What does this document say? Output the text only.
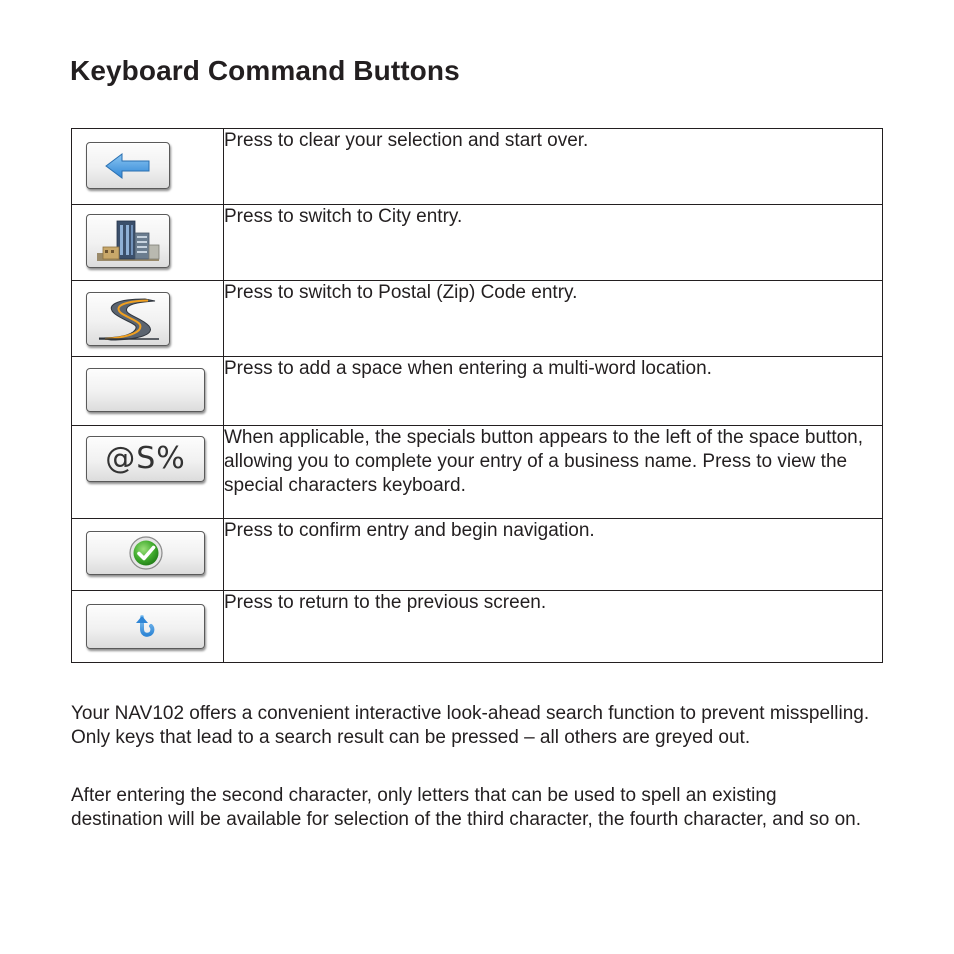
Keyboard Command Buttons
	Press to clear your selection and start over.

	Press to switch to City entry.

	Press to switch to Postal (Zip) Code entry.

	Press to add a space when entering a multi-word location.

@S%	When applicable, the specials button appears to the left of the space button, allowing you to complete your entry of a business name. Press to view the special characters keyboard.

	Press to confirm entry and begin navigation.

	Press to return to the previous screen.

Your NAV102 offers a convenient interactive look-ahead search function to prevent misspelling. Only keys that lead to a search result can be pressed – all others are greyed out.

After entering the second character, only letters that can be used to spell an existing destination will be available for selection of the third character, the fourth character, and so on.
